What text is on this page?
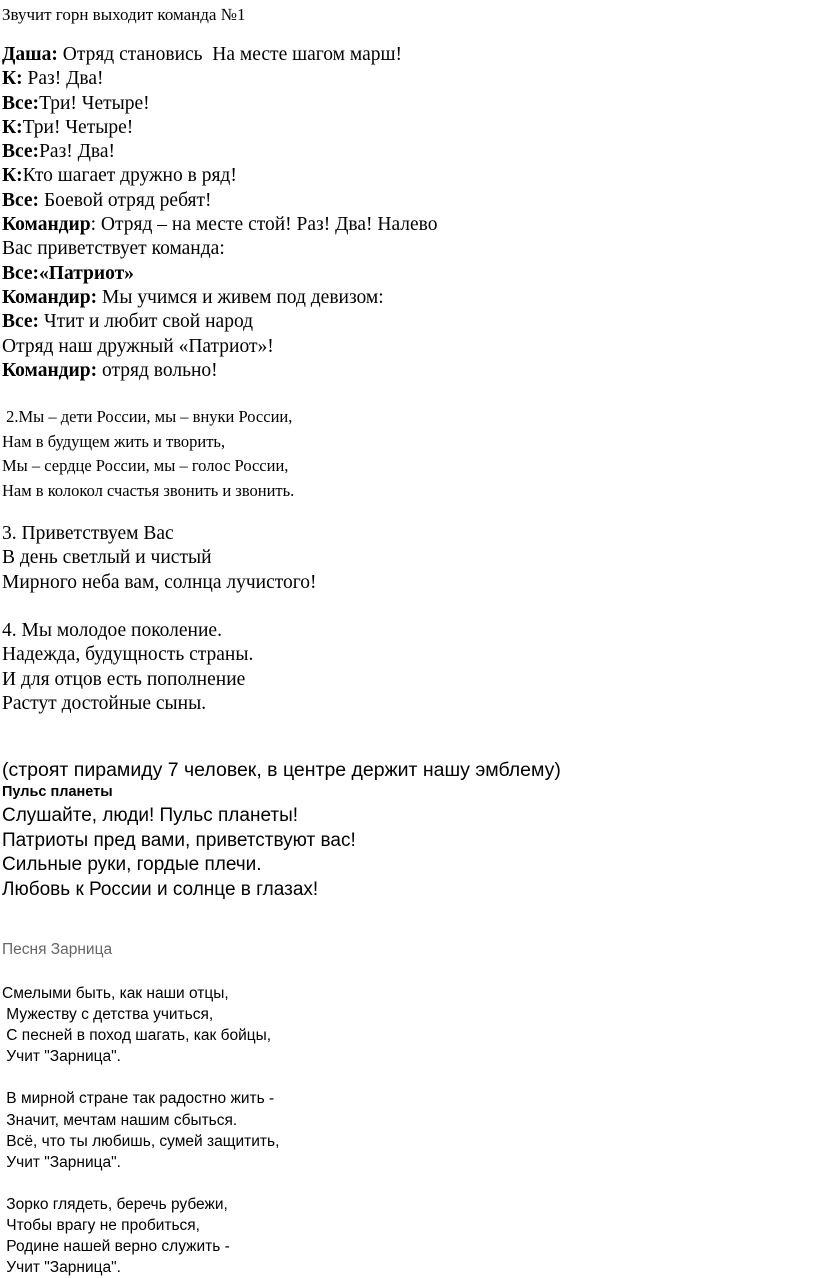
Звучит горн выходит команда №1
Даша: Отряд становись  На месте шагом марш!
К: Раз! Два!
Все:Три! Четыре!
К:Три! Четыре!
Все:Раз! Два!
К:Кто шагает дружно в ряд!
Все: Боевой отряд ребят!
Командир: Отряд – на месте стой! Раз! Два! Налево
Вас приветствует команда:
Все:«Патриот»
Командир: Мы учимся и живем под девизом:
Все: Чтит и любит свой народ
Отряд наш дружный «Патриот»!
Командир: отряд вольно!
2.Мы – дети России, мы – внуки России,
Нам в будущем жить и творить,
Мы – сердце России, мы – голос России,
Нам в колокол счастья звонить и звонить.
3. Приветствуем Вас
В день светлый и чистый
Мирного неба вам, солнца лучистого!
4. Мы молодое поколение.
Надежда, будущность страны.
И для отцов есть пополнение
Растут достойные сыны.
(строят пирамиду 7 человек, в центре держит нашу эмблему)
Пульс планеты
Слушайте, люди! Пульс планеты!
Патриоты пред вами, приветствуют вас!
Сильные руки, гордые плечи.
Любовь к России и солнце в глазах!
Песня Зарница
Смелыми быть, как наши отцы,
Мужеству с детства учиться,
С песней в поход шагать, как бойцы,
Учит "Зарница".
В мирной стране так радостно жить -
Значит, мечтам нашим сбыться.
Всё, что ты любишь, сумей защитить,
Учит "Зарница".
Зорко глядеть, беречь рубежи,
Чтобы врагу не пробиться,
Родине нашей верно служить -
Учит "Зарница".
